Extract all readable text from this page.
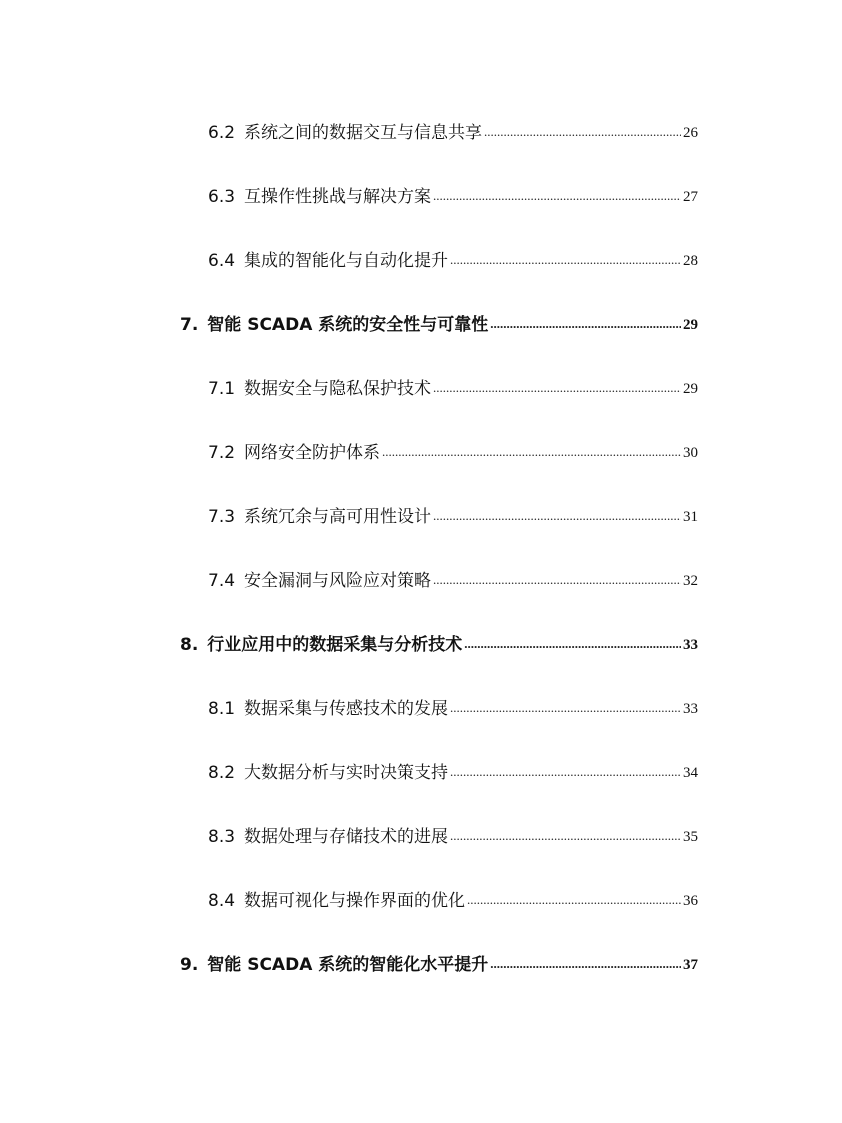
6.2 系统之间的数据交互与信息共享 .....	26
6.3 互操作性挑战与解决方案 .....	27
6.4 集成的智能化与自动化提升 .....	28
7. 智能 SCADA 系统的安全性与可靠性 .....	29
7.1 数据安全与隐私保护技术 .....	29
7.2 网络安全防护体系 .....	30
7.3 系统冗余与高可用性设计 .....	31
7.4 安全漏洞与风险应对策略 .....	32
8. 行业应用中的数据采集与分析技术 .....	33
8.1 数据采集与传感技术的发展 .....	33
8.2 大数据分析与实时决策支持 .....	34
8.3 数据处理与存储技术的进展 .....	35
8.4 数据可视化与操作界面的优化 .....	36
9. 智能 SCADA 系统的智能化水平提升 .....	37
